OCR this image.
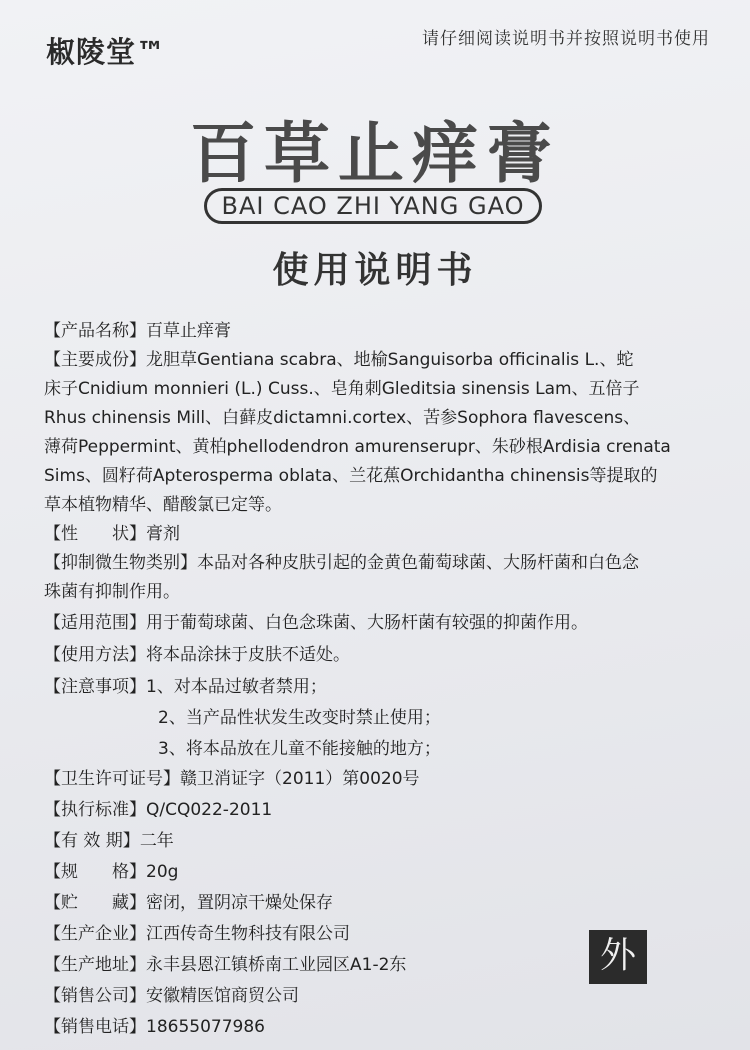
椒陵堂™	请仔细阅读说明书并按照说明书使用
百草止痒膏
BAI CAO ZHI YANG GAO
使用说明书
【产品名称】百草止痒膏
【主要成份】龙胆草Gentiana scabra、地榆Sanguisorba officinalis L.、蛇
床子Cnidium monnieri (L.) Cuss.、皂角刺Gleditsia sinensis Lam、五倍子
Rhus chinensis Mill、白藓皮dictamni.cortex、苦参Sophora flavescens、
薄荷Peppermint、黄柏phellodendron amurenserupr、朱砂根Ardisia crenata
Sims、圆籽荷Apterosperma oblata、兰花蕉Orchidantha chinensis等提取的
草本植物精华、醋酸氯已定等。
【性　　状】膏剂
【抑制微生物类别】本品对各种皮肤引起的金黄色葡萄球菌、大肠杆菌和白色念
珠菌有抑制作用。
【适用范围】用于葡萄球菌、白色念珠菌、大肠杆菌有较强的抑菌作用。
【使用方法】将本品涂抹于皮肤不适处。
【注意事项】1、对本品过敏者禁用；
2、当产品性状发生改变时禁止使用；
3、将本品放在儿童不能接触的地方；
【卫生许可证号】赣卫消证字（2011）第0020号
【执行标准】Q/CQ022-2011
【有 效 期】二年
【规　　格】20g
【贮　　藏】密闭，置阴凉干燥处保存
【生产企业】江西传奇生物科技有限公司
【生产地址】永丰县恩江镇桥南工业园区A1-2东
【销售公司】安徽精医馆商贸公司
【销售电话】18655077986
外
